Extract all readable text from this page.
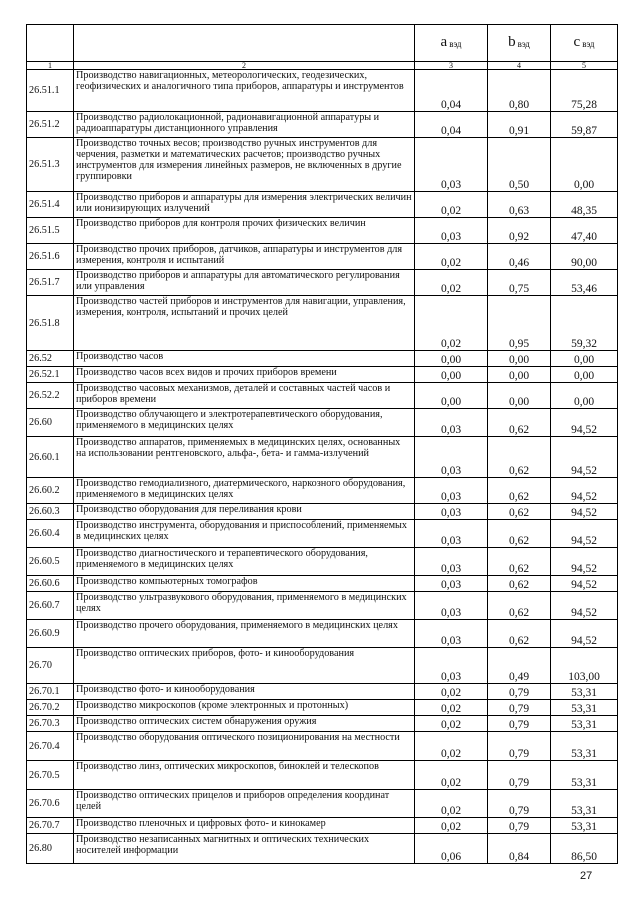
		a $_{вэд}$	b $_{вэд}$	c $_{вэд}$
1	2	3	4	5
26.51.1	Производство навигационных, метеорологических, геодезических, геофизических и аналогичного типа приборов, аппаратуры и инструментов	0,04	0,80	75,28
26.51.2	Производство радиолокационной, радионавигационной аппаратуры и радиоаппаратуры дистанционного управления	0,04	0,91	59,87
26.51.3	Производство точных весов; производство ручных инструментов для черчения, разметки и математических расчетов; производство ручных инструментов для измерения линейных размеров, не включенных в другие группировки	0,03	0,50	0,00
26.51.4	Производство приборов и аппаратуры для измерения электрических величин или ионизирующих излучений	0,02	0,63	48,35
26.51.5	Производство приборов для контроля прочих физических величин	0,03	0,92	47,40
26.51.6	Производство прочих приборов, датчиков, аппаратуры и инструментов для измерения, контроля и испытаний	0,02	0,46	90,00
26.51.7	Производство приборов и аппаратуры для автоматического регулирования или управления	0,02	0,75	53,46
26.51.8	Производство частей приборов и инструментов для навигации, управления, измерения, контроля, испытаний и прочих целей	0,02	0,95	59,32
26.52	Производство часов	0,00	0,00	0,00
26.52.1	Производство часов всех видов и прочих приборов времени	0,00	0,00	0,00
26.52.2	Производство часовых механизмов, деталей и составных частей часов и приборов времени	0,00	0,00	0,00
26.60	Производство облучающего и электротерапевтического оборудования, применяемого в медицинских целях	0,03	0,62	94,52
26.60.1	Производство аппаратов, применяемых в медицинских целях, основанных на использовании рентгеновского, альфа-, бета- и гамма-излучений	0,03	0,62	94,52
26.60.2	Производство гемодиализного, диатермического, наркозного оборудования, применяемого в медицинских целях	0,03	0,62	94,52
26.60.3	Производство оборудования для переливания крови	0,03	0,62	94,52
26.60.4	Производство инструмента, оборудования и приспособлений, применяемых в медицинских целях	0,03	0,62	94,52
26.60.5	Производство диагностического и терапевтического оборудования, применяемого в медицинских целях	0,03	0,62	94,52
26.60.6	Производство компьютерных томографов	0,03	0,62	94,52
26.60.7	Производство ультразвукового оборудования, применяемого в медицинских целях	0,03	0,62	94,52
26.60.9	Производство прочего оборудования, применяемого в медицинских целях	0,03	0,62	94,52
26.70	Производство оптических приборов, фото- и кинооборудования	0,03	0,49	103,00
26.70.1	Производство фото- и кинооборудования	0,02	0,79	53,31
26.70.2	Производство микроскопов (кроме электронных и протонных)	0,02	0,79	53,31
26.70.3	Производство оптических систем обнаружения оружия	0,02	0,79	53,31
26.70.4	Производство оборудования оптического позиционирования на местности	0,02	0,79	53,31
26.70.5	Производство линз, оптических микроскопов, биноклей и телескопов	0,02	0,79	53,31
26.70.6	Производство оптических прицелов и приборов определения координат целей	0,02	0,79	53,31
26.70.7	Производство пленочных и цифровых фото- и кинокамер	0,02	0,79	53,31
26.80	Производство незаписанных магнитных и оптических технических носителей информации	0,06	0,84	86,50
27
